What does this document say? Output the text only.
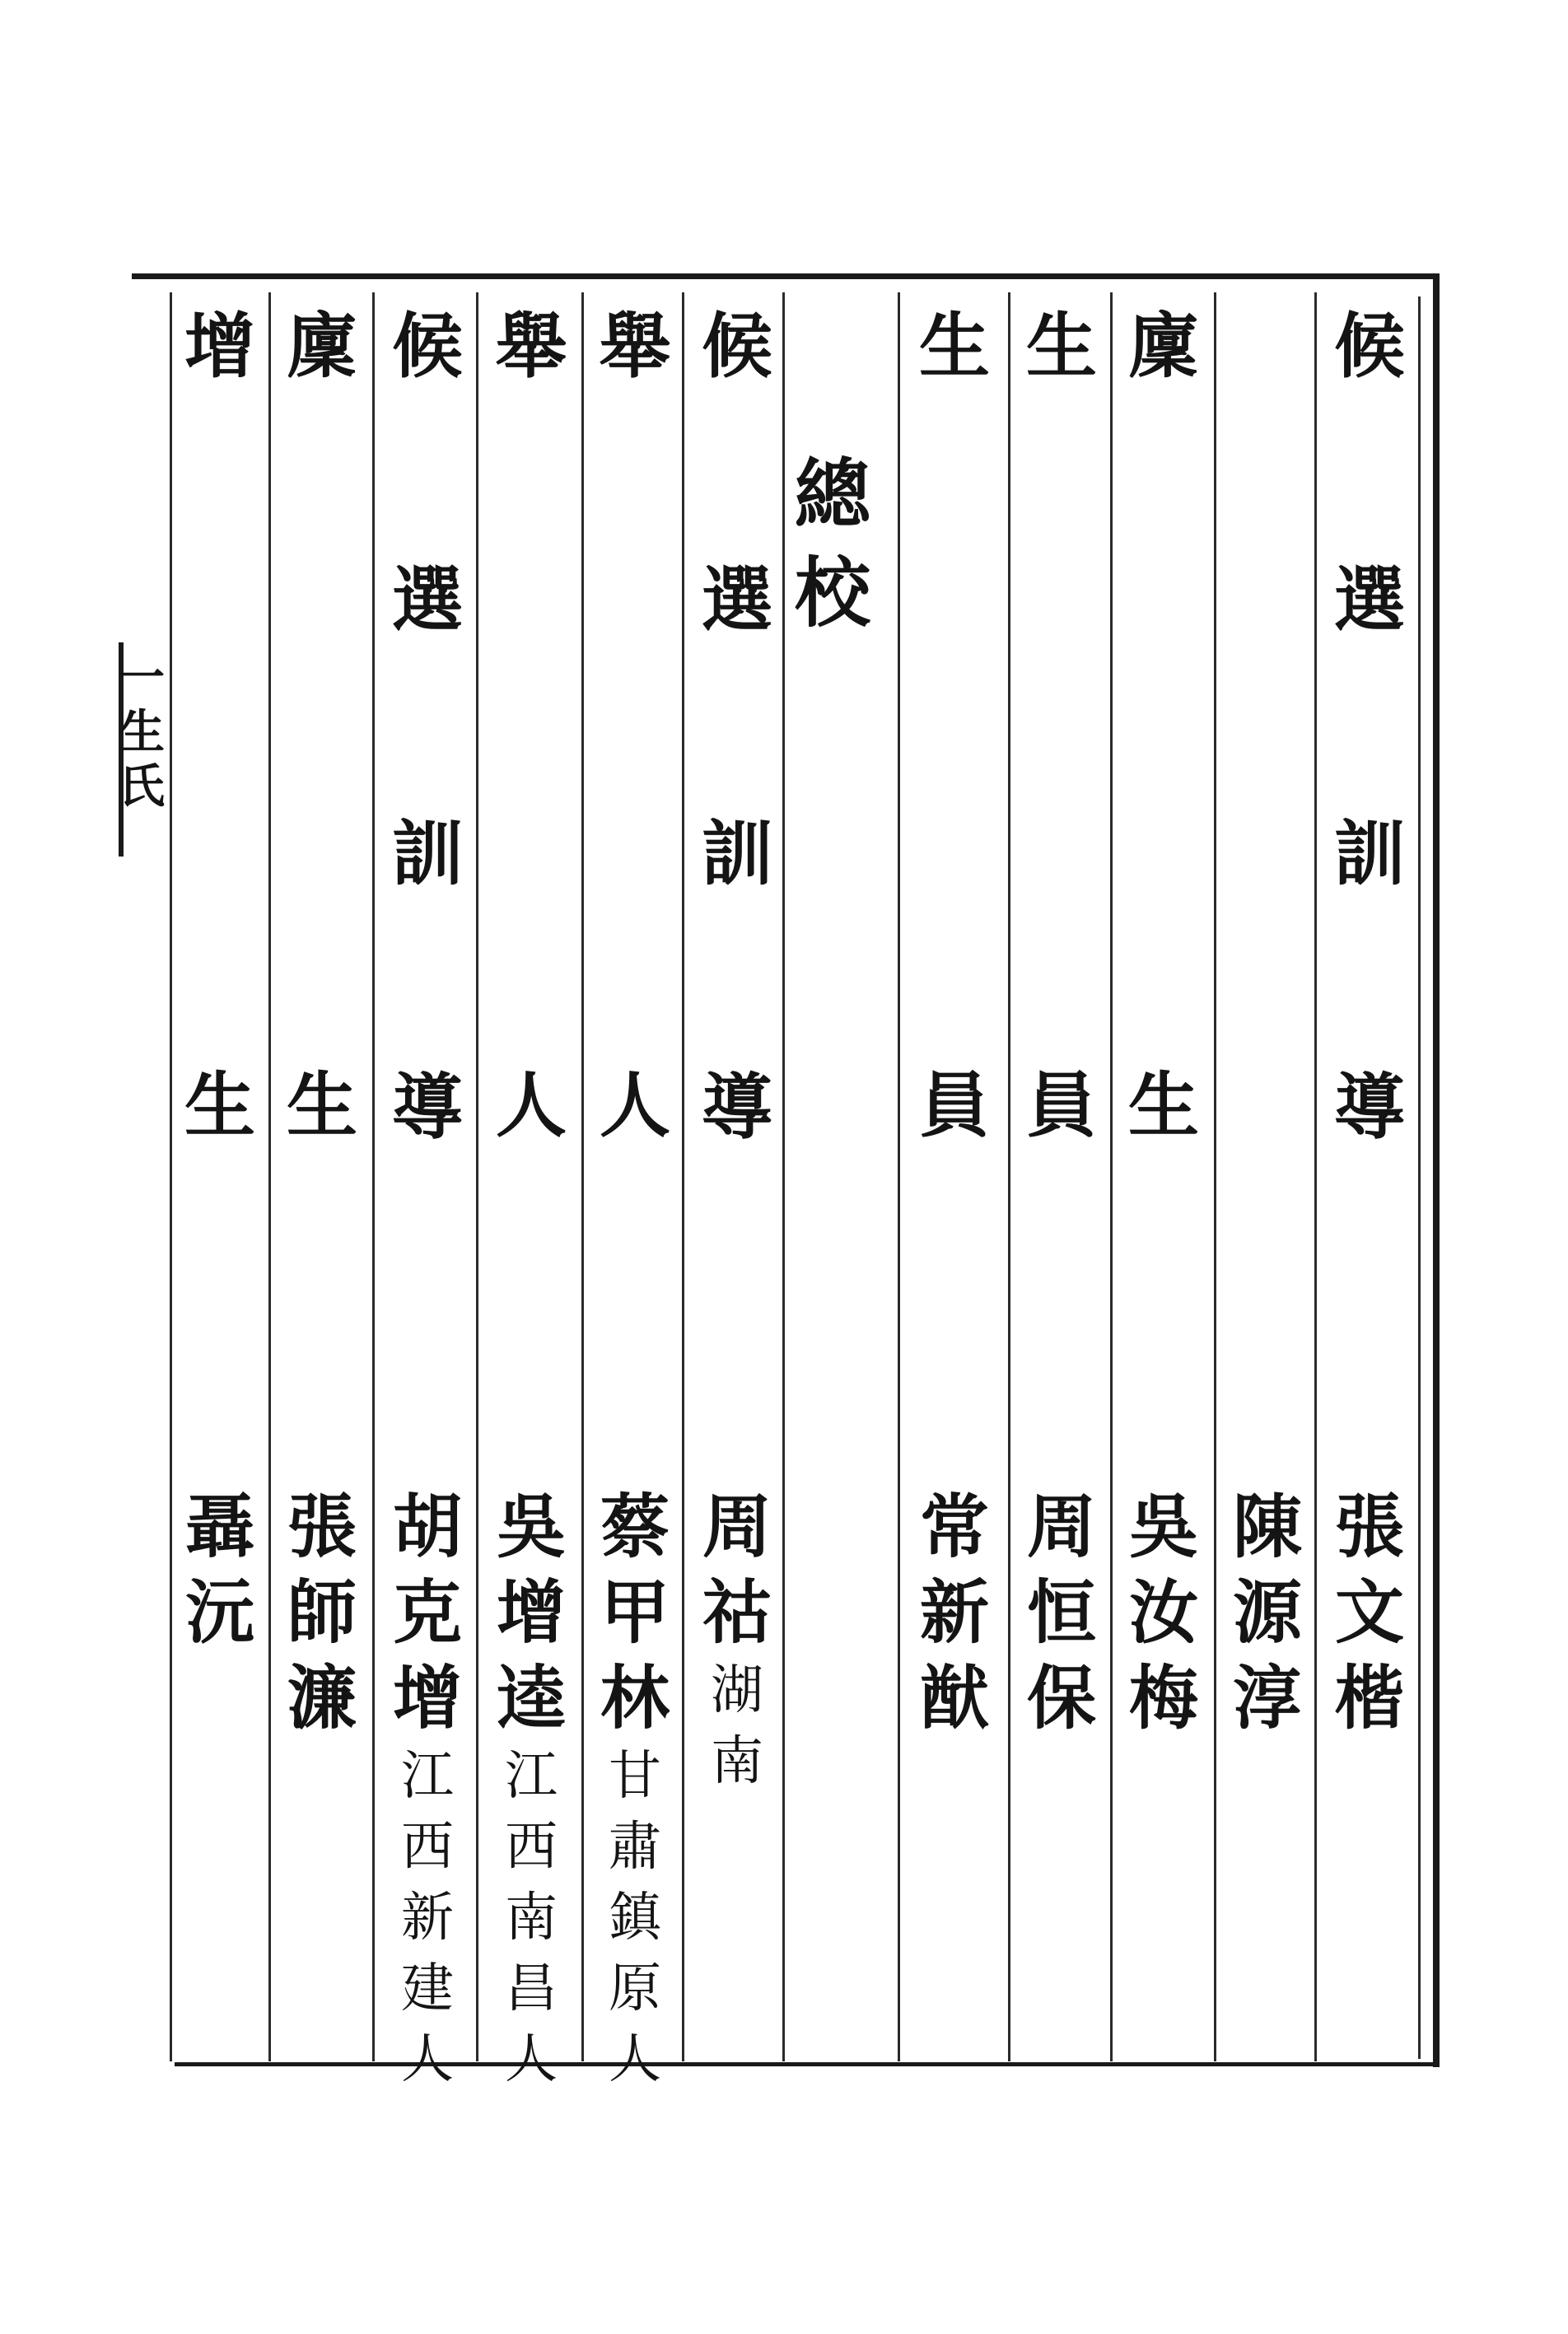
一
生
氏
總
校
候
選
訓
導
張
文
楷
陳
源
淳
廩
生
吳
汝
梅
生
員
周
恒
保
生
員
常
新
猷
候
選
訓
導
周
祜
湖
南
舉
人
蔡
甲
林
甘
肅
鎮
原
人
舉
人
吳
增
逵
江
西
南
昌
人
候
選
訓
導
胡
克
增
江
西
新
建
人
廩
生
張
師
濂
增
生
聶
沅
